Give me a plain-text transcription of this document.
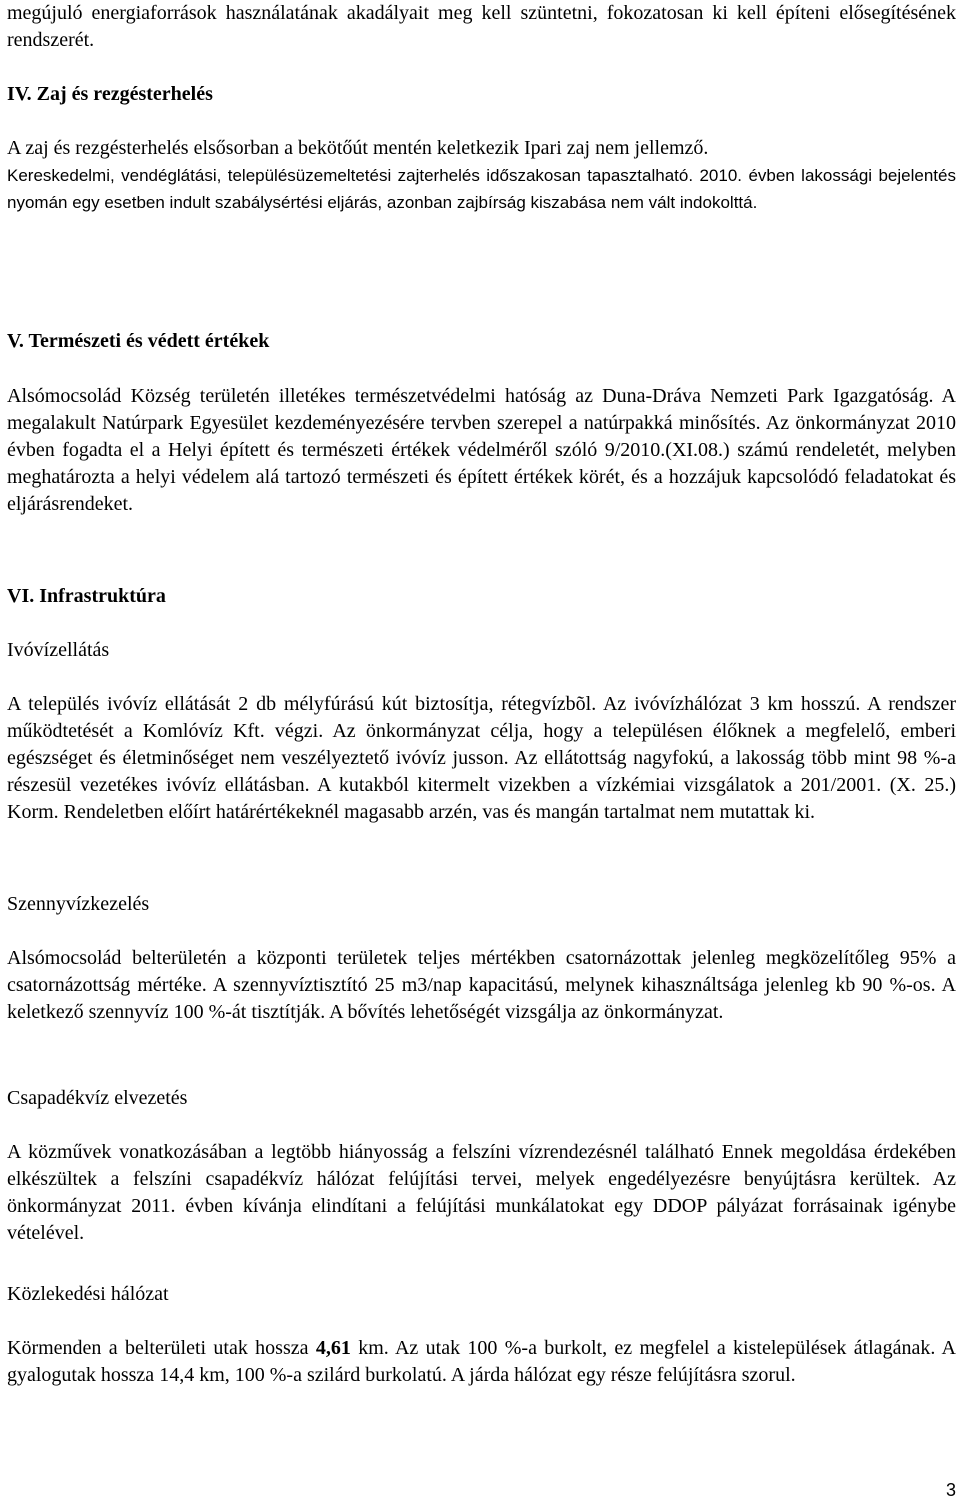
megújuló energiaforrások használatának akadályait meg kell szüntetni, fokozatosan ki kell építeni elősegítésének rendszerét.

IV. Zaj és rezgésterhelés

A zaj és rezgésterhelés elsősorban a bekötőút mentén keletkezik Ipari zaj nem jellemző.

Kereskedelmi, vendéglátási, településüzemeltetési zajterhelés időszakosan tapasztalható. 2010. évben lakossági bejelentés nyomán egy esetben indult szabálysértési eljárás, azonban zajbírság kiszabása nem vált indokolttá.

V. Természeti és védett értékek

Alsómocsolád Község területén illetékes természetvédelmi hatóság az Duna-Dráva Nemzeti Park Igazgatóság. A megalakult Natúrpark Egyesület kezdeményezésére tervben szerepel a natúrpakká minősítés. Az önkormányzat 2010 évben fogadta el a Helyi épített és természeti értékek védelméről szóló 9/2010.(XI.08.) számú rendeletét, melyben meghatározta a helyi védelem alá tartozó természeti és épített értékek körét, és a hozzájuk kapcsolódó feladatokat és eljárásrendeket.

VI. Infrastruktúra

Ivóvízellátás

A település ivóvíz ellátását 2 db mélyfúrású kút biztosítja, rétegvízbõl. Az ivóvízhálózat 3 km hosszú. A rendszer működtetését a Komlóvíz Kft. végzi. Az önkormányzat célja, hogy a településen élőknek a megfelelő, emberi egészséget és életminőséget nem veszélyeztető ivóvíz jusson. Az ellátottság nagyfokú, a lakosság több mint 98 %-a részesül vezetékes ivóvíz ellátásban. A kutakból kitermelt vizekben a vízkémiai vizsgálatok a 201/2001. (X. 25.) Korm. Rendeletben előírt határértékeknél magasabb arzén, vas és mangán tartalmat nem mutattak ki.

Szennyvízkezelés

Alsómocsolád belterületén a központi területek teljes mértékben csatornázottak jelenleg megközelítőleg 95% a csatornázottság mértéke. A szennyvíztisztító 25 m3/nap kapacitású, melynek kihasználtsága jelenleg kb 90 %-os. A keletkező szennyvíz 100 %-át tisztítják. A bővítés lehetőségét vizsgálja az önkormányzat.

Csapadékvíz elvezetés

A közművek vonatkozásában a legtöbb hiányosság a felszíni vízrendezésnél található Ennek megoldása érdekében elkészültek a felszíni csapadékvíz hálózat felújítási tervei, melyek engedélyezésre benyújtásra kerültek. Az önkormányzat 2011. évben kívánja elindítani a felújítási munkálatokat egy DDOP pályázat forrásainak igénybe vételével.

Közlekedési hálózat

Körmenden a belterületi utak hossza 4,61 km. Az utak 100 %-a burkolt, ez megfelel a kistelepülések átlagának. A gyalogutak hossza 14,4 km, 100 %-a szilárd burkolatú. A járda hálózat egy része felújításra szorul.

3
